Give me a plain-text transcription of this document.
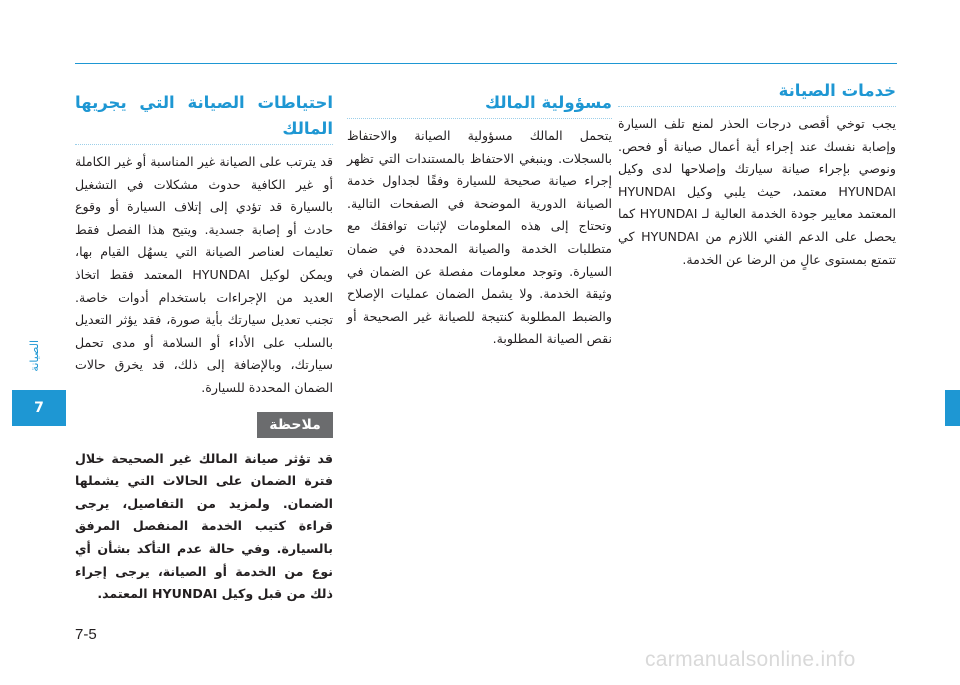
الصيانة
7
خدمات الصيانة

يجب توخي أقصى درجات الحذر لمنع تلف السيارة وإصابة نفسك عند إجراء أية أعمال صيانة أو فحص. ونوصي بإجراء صيانة سيارتك وإصلاحها لدى وكيل HYUNDAI معتمد، حيث يلبي وكيل HYUNDAI المعتمد معايير جودة الخدمة العالية لـ HYUNDAI كما يحصل على الدعم الفني اللازم من HYUNDAI كي تتمتع بمستوى عالٍ من الرضا عن الخدمة.

مسؤولية المالك

يتحمل المالك مسؤولية الصيانة والاحتفاظ بالسجلات. وينبغي الاحتفاظ بالمستندات التي تظهر إجراء صيانة صحيحة للسيارة وفقًا لجداول خدمة الصيانة الدورية الموضحة في الصفحات التالية. وتحتاج إلى هذه المعلومات لإثبات توافقك مع متطلبات الخدمة والصيانة المحددة في ضمان السيارة. وتوجد معلومات مفصلة عن الضمان في وثيقة الخدمة. ولا يشمل الضمان عمليات الإصلاح والضبط المطلوبة كنتيجة للصيانة غير الصحيحة أو نقص الصيانة المطلوبة.

احتياطات الصيانة التي يجريها المالك

قد يترتب على الصيانة غير المناسبة أو غير الكاملة أو غير الكافية حدوث مشكلات في التشغيل بالسيارة قد تؤدي إلى إتلاف السيارة أو وقوع حادث أو إصابة جسدية. ويتيح هذا الفصل فقط تعليمات لعناصر الصيانة التي يسهُل القيام بها، ويمكن لوكيل HYUNDAI المعتمد فقط اتخاذ العديد من الإجراءات باستخدام أدوات خاصة. تجنب تعديل سيارتك بأية صورة، فقد يؤثر التعديل بالسلب على الأداء أو السلامة أو مدى تحمل سيارتك، وبالإضافة إلى ذلك، قد يخرق حالات الضمان المحددة للسيارة.

ملاحظة

قد تؤثر صيانة المالك غير الصحيحة خلال فترة الضمان على الحالات التي يشملها الضمان. ولمزيد من التفاصيل، يرجى قراءة كتيب الخدمة المنفصل المرفق بالسيارة. وفي حالة عدم التأكد بشأن أي نوع من الخدمة أو الصيانة، يرجى إجراء ذلك من قبل وكيل HYUNDAI المعتمد.

7-5
carmanualsonline.info
